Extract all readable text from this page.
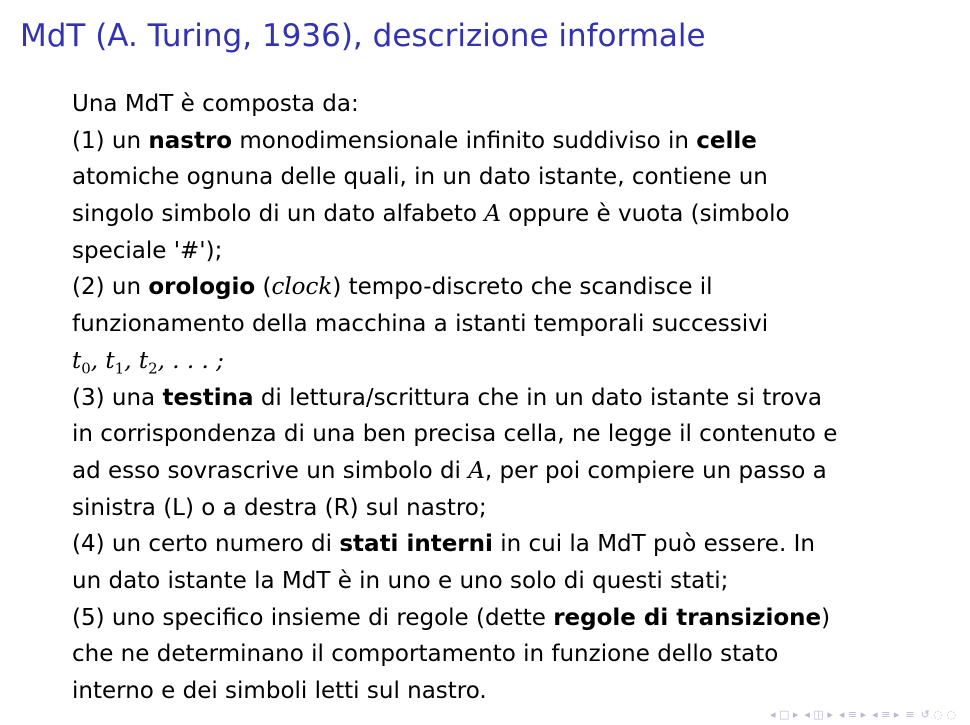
MdT (A. Turing, 1936), descrizione informale
Una MdT è composta da:
(1) un nastro monodimensionale infinito suddiviso in celle
atomiche ognuna delle quali, in un dato istante, contiene un
singolo simbolo di un dato alfabeto A oppure è vuota (simbolo
speciale '#');
(2) un orologio (clock) tempo-discreto che scandisce il
funzionamento della macchina a istanti temporali successivi
$t_0$, $t_1$, $t_2$, . . . ;
(3) una testina di lettura/scrittura che in un dato istante si trova
in corrispondenza di una ben precisa cella, ne legge il contenuto e
ad esso sovrascrive un simbolo di A, per poi compiere un passo a
sinistra (L) o a destra (R) sul nastro;
(4) un certo numero di stati interni in cui la MdT può essere. In
un dato istante la MdT è in uno e uno solo di questi stati;
(5) uno specifico insieme di regole (dette regole di transizione)
che ne determinano il comportamento in funzione dello stato
interno e dei simboli letti sul nastro.
◂ □ ▸ ◂ ◫ ▸ ◂ ≡ ▸ ◂ ≡ ▸ ≡ ↺ ◌ ◌
